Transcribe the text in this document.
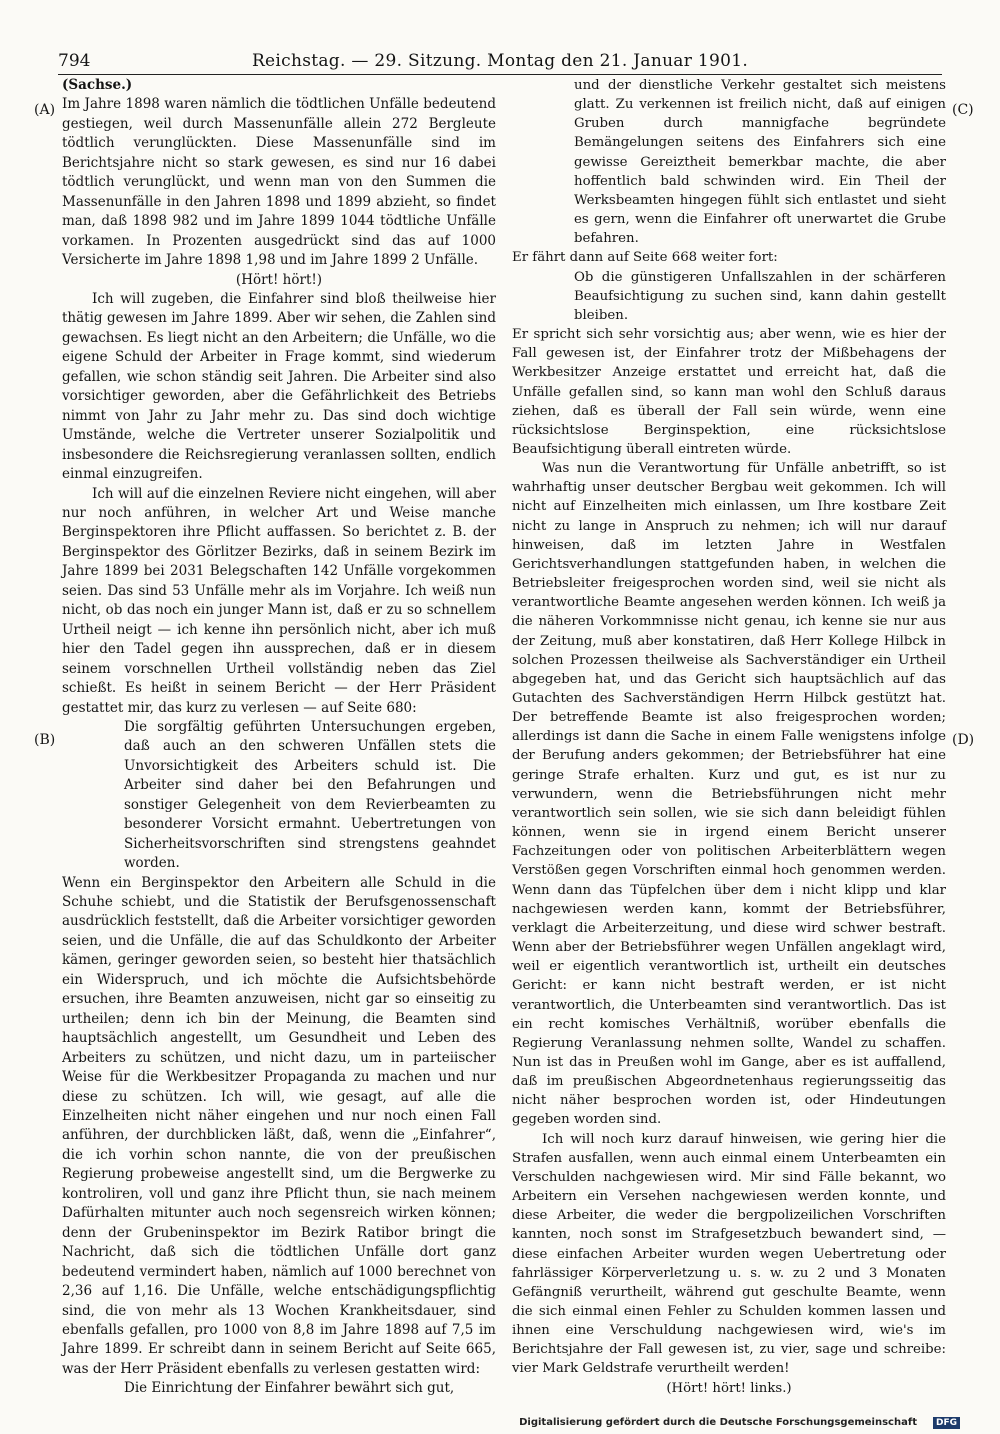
794	Reichstag. — 29. Sitzung. Montag den 21. Januar 1901.
(A)
(B)
(C)
(D)

(Sachse.)

Im Jahre 1898 waren nämlich die tödtlichen Unfälle bedeutend gestiegen, weil durch Massenunfälle allein 272 Bergleute tödtlich verunglückten. Diese Massenunfälle sind im Berichtsjahre nicht so stark gewesen, es sind nur 16 dabei tödtlich verunglückt, und wenn man von den Summen die Massenunfälle in den Jahren 1898 und 1899 abzieht, so findet man, daß 1898 982 und im Jahre 1899 1044 tödtliche Unfälle vorkamen. In Prozenten ausgedrückt sind das auf 1000 Versicherte im Jahre 1898 1,98 und im Jahre 1899 2 Unfälle.

(Hört! hört!)

Ich will zugeben, die Einfahrer sind bloß theilweise hier thätig gewesen im Jahre 1899. Aber wir sehen, die Zahlen sind gewachsen. Es liegt nicht an den Arbeitern; die Unfälle, wo die eigene Schuld der Arbeiter in Frage kommt, sind wiederum gefallen, wie schon ständig seit Jahren. Die Arbeiter sind also vorsichtiger geworden, aber die Gefährlichkeit des Betriebs nimmt von Jahr zu Jahr mehr zu. Das sind doch wichtige Umstände, welche die Vertreter unserer Sozialpolitik und insbesondere die Reichsregierung veranlassen sollten, endlich einmal einzugreifen.

Ich will auf die einzelnen Reviere nicht eingehen, will aber nur noch anführen, in welcher Art und Weise manche Berginspektoren ihre Pflicht auffassen. So berichtet z. B. der Berginspektor des Görlitzer Bezirks, daß in seinem Bezirk im Jahre 1899 bei 2031 Belegschaften 142 Unfälle vorgekommen seien. Das sind 53 Unfälle mehr als im Vorjahre. Ich weiß nun nicht, ob das noch ein junger Mann ist, daß er zu so schnellem Urtheil neigt — ich kenne ihn persönlich nicht, aber ich muß hier den Tadel gegen ihn aussprechen, daß er in diesem seinem vorschnellen Urtheil vollständig neben das Ziel schießt. Es heißt in seinem Bericht — der Herr Präsident gestattet mir, das kurz zu verlesen — auf Seite 680:

Die sorgfältig geführten Untersuchungen ergeben, daß auch an den schweren Unfällen stets die Unvorsichtigkeit des Arbeiters schuld ist. Die Arbeiter sind daher bei den Befahrungen und sonstiger Gelegenheit von dem Revierbeamten zu besonderer Vorsicht ermahnt. Uebertretungen von Sicherheitsvorschriften sind strengstens geahndet worden.

Wenn ein Berginspektor den Arbeitern alle Schuld in die Schuhe schiebt, und die Statistik der Berufsgenossenschaft ausdrücklich feststellt, daß die Arbeiter vorsichtiger geworden seien, und die Unfälle, die auf das Schuldkonto der Arbeiter kämen, geringer geworden seien, so besteht hier thatsächlich ein Widerspruch, und ich möchte die Aufsichtsbehörde ersuchen, ihre Beamten anzuweisen, nicht gar so einseitig zu urtheilen; denn ich bin der Meinung, die Beamten sind hauptsächlich angestellt, um Gesundheit und Leben des Arbeiters zu schützen, und nicht dazu, um in parteiischer Weise für die Werkbesitzer Propaganda zu machen und nur diese zu schützen. Ich will, wie gesagt, auf alle die Einzelheiten nicht näher eingehen und nur noch einen Fall anführen, der durchblicken läßt, daß, wenn die „Einfahrer“, die ich vorhin schon nannte, die von der preußischen Regierung probeweise angestellt sind, um die Bergwerke zu kontroliren, voll und ganz ihre Pflicht thun, sie nach meinem Dafürhalten mitunter auch noch segensreich wirken können; denn der Grubeninspektor im Bezirk Ratibor bringt die Nachricht, daß sich die tödtlichen Unfälle dort ganz bedeutend vermindert haben, nämlich auf 1000 berechnet von 2,36 auf 1,16. Die Unfälle, welche entschädigungspflichtig sind, die von mehr als 13 Wochen Krankheitsdauer, sind ebenfalls gefallen, pro 1000 von 8,8 im Jahre 1898 auf 7,5 im Jahre 1899. Er schreibt dann in seinem Bericht auf Seite 665, was der Herr Präsident ebenfalls zu verlesen gestatten wird:

Die Einrichtung der Einfahrer bewährt sich gut,

und der dienstliche Verkehr gestaltet sich meistens glatt. Zu verkennen ist freilich nicht, daß auf einigen Gruben durch mannigfache begründete Bemängelungen seitens des Einfahrers sich eine gewisse Gereiztheit bemerkbar machte, die aber hoffentlich bald schwinden wird. Ein Theil der Werksbeamten hingegen fühlt sich entlastet und sieht es gern, wenn die Einfahrer oft unerwartet die Grube befahren.

Er fährt dann auf Seite 668 weiter fort:

Ob die günstigeren Unfallszahlen in der schärferen Beaufsichtigung zu suchen sind, kann dahin gestellt bleiben.

Er spricht sich sehr vorsichtig aus; aber wenn, wie es hier der Fall gewesen ist, der Einfahrer trotz der Mißbehagens der Werkbesitzer Anzeige erstattet und erreicht hat, daß die Unfälle gefallen sind, so kann man wohl den Schluß daraus ziehen, daß es überall der Fall sein würde, wenn eine rücksichtslose Berginspektion, eine rücksichtslose Beaufsichtigung überall eintreten würde.

Was nun die Verantwortung für Unfälle anbetrifft, so ist wahrhaftig unser deutscher Bergbau weit gekommen. Ich will nicht auf Einzelheiten mich einlassen, um Ihre kostbare Zeit nicht zu lange in Anspruch zu nehmen; ich will nur darauf hinweisen, daß im letzten Jahre in Westfalen Gerichtsverhandlungen stattgefunden haben, in welchen die Betriebsleiter freigesprochen worden sind, weil sie nicht als verantwortliche Beamte angesehen werden können. Ich weiß ja die näheren Vorkommnisse nicht genau, ich kenne sie nur aus der Zeitung, muß aber konstatiren, daß Herr Kollege Hilbck in solchen Prozessen theilweise als Sachverständiger ein Urtheil abgegeben hat, und das Gericht sich hauptsächlich auf das Gutachten des Sachverständigen Herrn Hilbck gestützt hat. Der betreffende Beamte ist also freigesprochen worden; allerdings ist dann die Sache in einem Falle wenigstens infolge der Berufung anders gekommen; der Betriebsführer hat eine geringe Strafe erhalten. Kurz und gut, es ist nur zu verwundern, wenn die Betriebsführungen nicht mehr verantwortlich sein sollen, wie sie sich dann beleidigt fühlen können, wenn sie in irgend einem Bericht unserer Fachzeitungen oder von politischen Arbeiterblättern wegen Verstößen gegen Vorschriften einmal hoch genommen werden. Wenn dann das Tüpfelchen über dem i nicht klipp und klar nachgewiesen werden kann, kommt der Betriebsführer, verklagt die Arbeiterzeitung, und diese wird schwer bestraft. Wenn aber der Betriebsführer wegen Unfällen angeklagt wird, weil er eigentlich verantwortlich ist, urtheilt ein deutsches Gericht: er kann nicht bestraft werden, er ist nicht verantwortlich, die Unterbeamten sind verantwortlich. Das ist ein recht komisches Verhältniß, worüber ebenfalls die Regierung Veranlassung nehmen sollte, Wandel zu schaffen. Nun ist das in Preußen wohl im Gange, aber es ist auffallend, daß im preußischen Abgeordnetenhaus regierungsseitig das nicht näher besprochen worden ist, oder Hindeutungen gegeben worden sind.

Ich will noch kurz darauf hinweisen, wie gering hier die Strafen ausfallen, wenn auch einmal einem Unterbeamten ein Verschulden nachgewiesen wird. Mir sind Fälle bekannt, wo Arbeitern ein Versehen nachgewiesen werden konnte, und diese Arbeiter, die weder die bergpolizeilichen Vorschriften kannten, noch sonst im Strafgesetzbuch bewandert sind, — diese einfachen Arbeiter wurden wegen Uebertretung oder fahrlässiger Körperverletzung u. s. w. zu 2 und 3 Monaten Gefängniß verurtheilt, während gut geschulte Beamte, wenn die sich einmal einen Fehler zu Schulden kommen lassen und ihnen eine Verschuldung nachgewiesen wird, wie's im Berichtsjahre der Fall gewesen ist, zu vier, sage und schreibe: vier Mark Geldstrafe verurtheilt werden!

(Hört! hört! links.)

Digitalisierung gefördert durch die Deutsche Forschungsgemeinschaft	DFG
